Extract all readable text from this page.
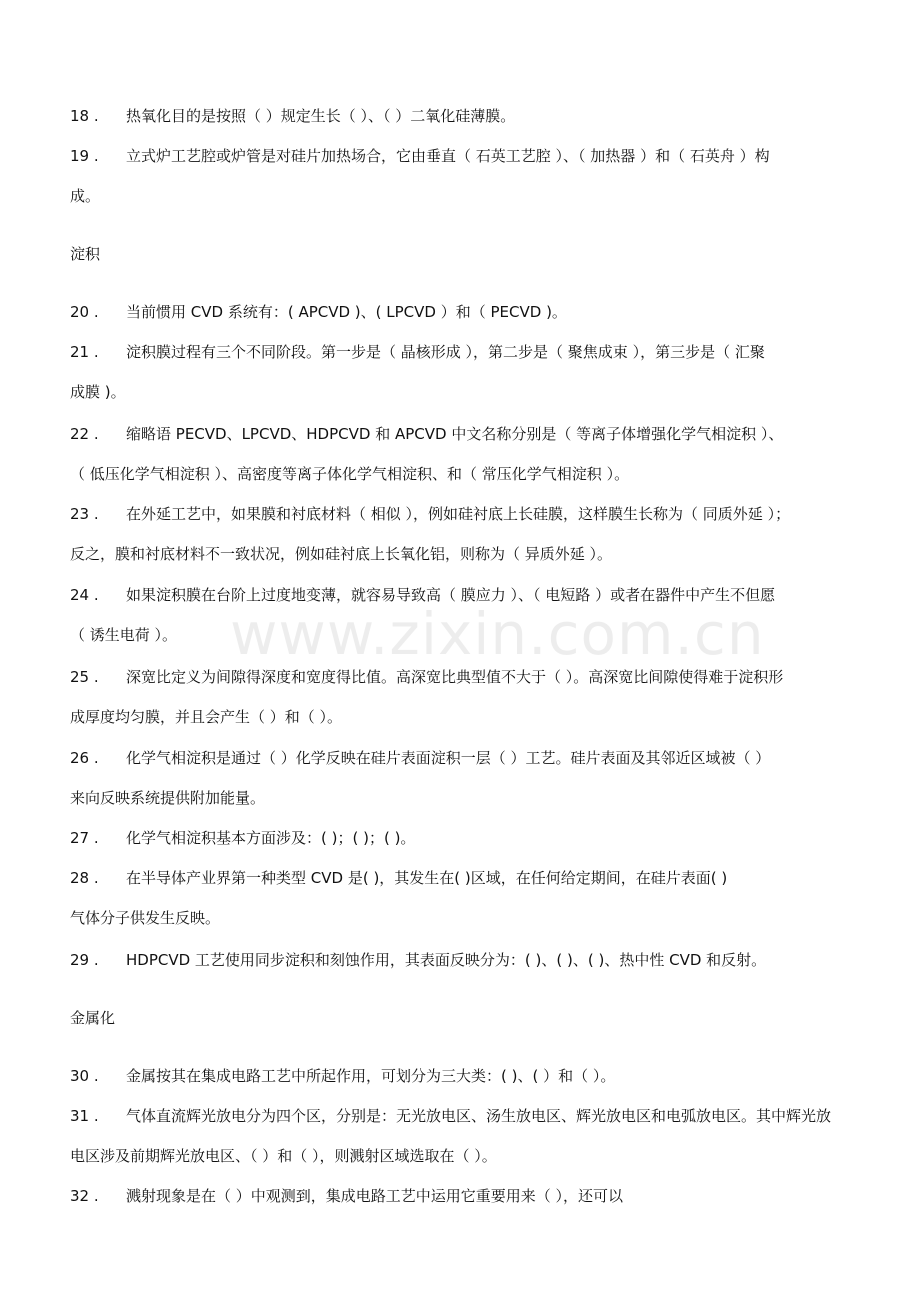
www.zixin.com.cn
18 . 热氧化目的是按照（ ）规定生长（ ）、（ ）二氧化硅薄膜。
19 . 立式炉工艺腔或炉管是对硅片加热场合，它由垂直（ 石英工艺腔 ）、（ 加热器 ）和（ 石英舟 ）构
成。
淀积
20 . 当前惯用 CVD 系统有：( APCVD )、( LPCVD ）和（ PECVD )。
21 . 淀积膜过程有三个不同阶段。第一步是（ 晶核形成 ），第二步是（ 聚焦成束 ），第三步是（ 汇聚
成膜 )。
22 . 缩略语 PECVD、LPCVD、HDPCVD 和 APCVD 中文名称分别是（ 等离子体增强化学气相淀积 ）、
（ 低压化学气相淀积 ）、高密度等离子体化学气相淀积、和（ 常压化学气相淀积 ）。
23 . 在外延工艺中，如果膜和衬底材料（ 相似 ），例如硅衬底上长硅膜，这样膜生长称为（ 同质外延 ）；
反之，膜和衬底材料不一致状况，例如硅衬底上长氧化铝，则称为（ 异质外延 ）。
24 . 如果淀积膜在台阶上过度地变薄，就容易导致高（ 膜应力 ）、（ 电短路 ）或者在器件中产生不但愿
（ 诱生电荷 ）。
25 . 深宽比定义为间隙得深度和宽度得比值。高深宽比典型值不大于（ ）。高深宽比间隙使得难于淀积形
成厚度均匀膜，并且会产生（ ）和（ ）。
26 . 化学气相淀积是通过（ ）化学反映在硅片表面淀积一层（ ）工艺。硅片表面及其邻近区域被（ ）
来向反映系统提供附加能量。
27 . 化学气相淀积基本方面涉及：( )；( )；( )。
28 . 在半导体产业界第一种类型 CVD 是( )，其发生在( )区域，在任何给定期间，在硅片表面( )
气体分子供发生反映。
29 . HDPCVD 工艺使用同步淀积和刻蚀作用，其表面反映分为：( )、( )、( )、热中性 CVD 和反射。
金属化
30 . 金属按其在集成电路工艺中所起作用，可划分为三大类：( )、( ）和（ ）。
31 . 气体直流辉光放电分为四个区，分别是：无光放电区、汤生放电区、辉光放电区和电弧放电区。其中辉光放
电区涉及前期辉光放电区、（ ）和（ ），则溅射区域选取在（ ）。
32 . 溅射现象是在（ ）中观测到，集成电路工艺中运用它重要用来（ ），还可以
